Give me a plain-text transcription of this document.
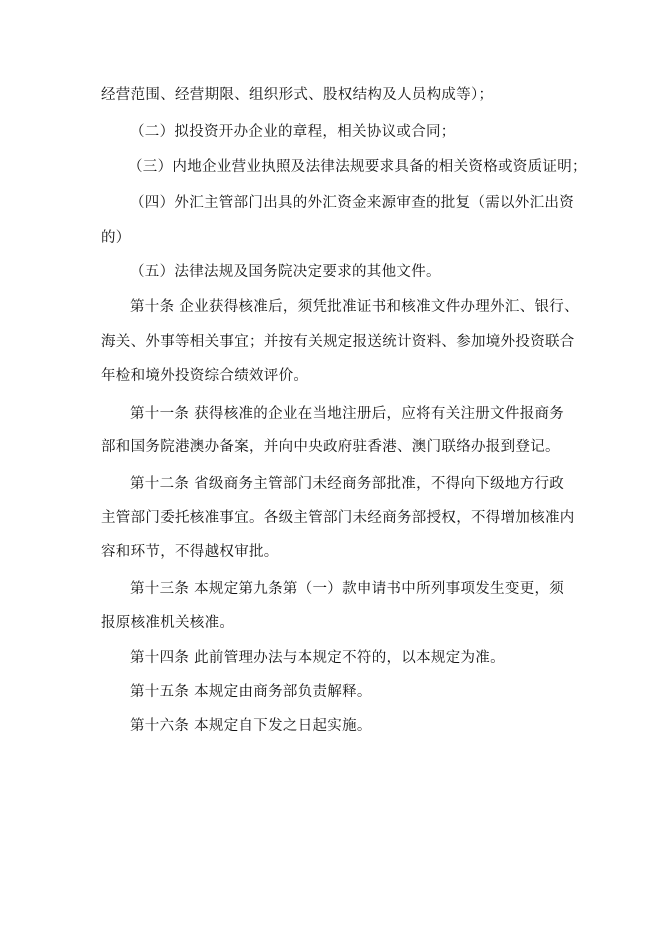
经营范围、经营期限、组织形式、股权结构及人员构成等）；
（二）拟投资开办企业的章程，相关协议或合同；
（三）内地企业营业执照及法律法规要求具备的相关资格或资质证明；
（四）外汇主管部门出具的外汇资金来源审查的批复（需以外汇出资
的）
（五）法律法规及国务院决定要求的其他文件。
第十条 企业获得核准后，须凭批准证书和核准文件办理外汇、银行、
海关、外事等相关事宜；并按有关规定报送统计资料、参加境外投资联合
年检和境外投资综合绩效评价。
第十一条 获得核准的企业在当地注册后，应将有关注册文件报商务
部和国务院港澳办备案，并向中央政府驻香港、澳门联络办报到登记。
第十二条 省级商务主管部门未经商务部批准，不得向下级地方行政
主管部门委托核准事宜。各级主管部门未经商务部授权，不得增加核准内
容和环节，不得越权审批。
第十三条 本规定第九条第（一）款申请书中所列事项发生变更，须
报原核准机关核准。
第十四条 此前管理办法与本规定不符的，以本规定为准。
第十五条 本规定由商务部负责解释。
第十六条 本规定自下发之日起实施。
